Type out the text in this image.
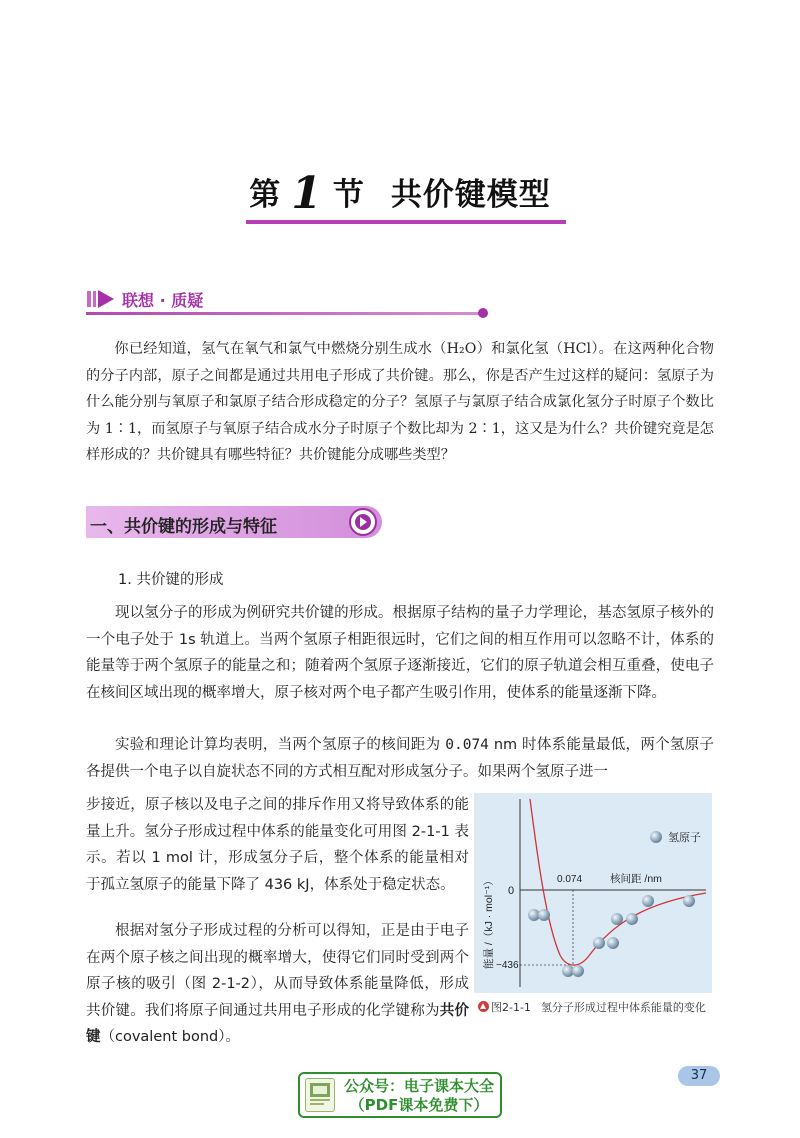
第 1 节 共价键模型
联想 · 质疑

你已经知道，氢气在氧气和氯气中燃烧分别生成水（H₂O）和氯化氢（HCl）。在这两种化合物的分子内部，原子之间都是通过共用电子形成了共价键。那么，你是否产生过这样的疑问：氢原子为什么能分别与氧原子和氯原子结合形成稳定的分子？氢原子与氯原子结合成氯化氢分子时原子个数比为 1∶1，而氢原子与氧原子结合成水分子时原子个数比却为 2∶1，这又是为什么？共价键究竟是怎样形成的？共价键具有哪些特征？共价键能分成哪些类型？

一、共价键的形成与特征
1. 共价键的形成

现以氢分子的形成为例研究共价键的形成。根据原子结构的量子力学理论，基态氢原子核外的一个电子处于 1s 轨道上。当两个氢原子相距很远时，它们之间的相互作用可以忽略不计，体系的能量等于两个氢原子的能量之和；随着两个氢原子逐渐接近，它们的原子轨道会相互重叠，使电子在核间区域出现的概率增大，原子核对两个电子都产生吸引作用，使体系的能量逐渐下降。

实验和理论计算均表明，当两个氢原子的核间距为 0.074 nm 时体系能量最低，两个氢原子各提供一个电子以自旋状态不同的方式相互配对形成氢分子。如果两个氢原子进一

步接近，原子核以及电子之间的排斥作用又将导致体系的能量上升。氢分子形成过程中体系的能量变化可用图 2-1-1 表示。若以 1 mol 计，形成氢分子后，整个体系的能量相对于孤立氢原子的能量下降了 436 kJ，体系处于稳定状态。

根据对氢分子形成过程的分析可以得知，正是由于电子在两个原子核之间出现的概率增大，使得它们同时受到两个原子核的吸引（图 2-1-2），从而导致体系能量降低，形成共价键。我们将原子间通过共用电子形成的化学键称为共价键（covalent bond）。

氢原子
0
−436
0.074	核间距 /nm
能量 /（kJ · mol⁻¹）
图2-1-1 氢分子形成过程中体系能量的变化
37
公众号：电子课本大全
（PDF课本免费下）
